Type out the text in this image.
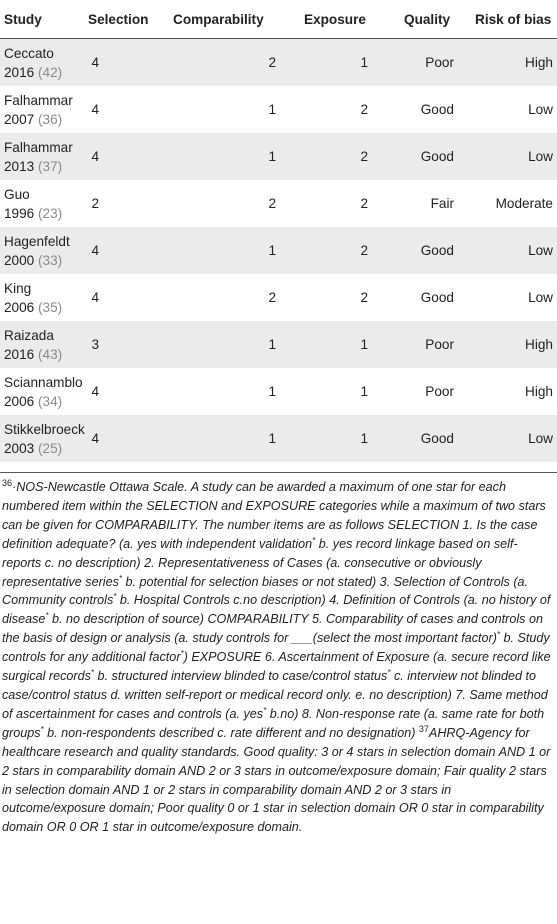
Study	Selection	Comparability	Exposure	Quality	Risk of bias
Ceccato
2016 (42)	4	2	1	Poor	High
Falhammar
2007 (36)	4	1	2	Good	Low
Falhammar
2013 (37)	4	1	2	Good	Low
Guo
1996 (23)	2	2	2	Fair	Moderate
Hagenfeldt
2000 (33)	4	1	2	Good	Low
King
2006 (35)	4	2	2	Good	Low
Raizada
2016 (43)	3	1	1	Poor	High
Sciannamblo
2006 (34)	4	1	1	Poor	High
Stikkelbroeck
2003 (25)	4	1	1	Good	Low
$^{36}$·NOS-Newcastle Ottawa Scale. A study can be awarded a maximum of one star for each numbered item within the SELECTION and EXPOSURE categories while a maximum of two stars can be given for COMPARABILITY. The number items are as follows SELECTION 1. Is the case definition adequate? (a. yes with independent validation* b. yes record linkage based on self-reports c. no description) 2. Representativeness of Cases (a. consecutive or obviously representative series* b. potential for selection biases or not stated) 3. Selection of Controls (a. Community controls* b. Hospital Controls c.no description) 4. Definition of Controls (a. no history of disease* b. no description of source) COMPARABILITY 5. Comparability of cases and controls on the basis of design or analysis (a. study controls for ___(select the most important factor)* b. Study controls for any additional factor*) EXPOSURE 6. Ascertainment of Exposure (a. secure record like surgical records* b. structured interview blinded to case/control status* c. interview not blinded to case/control status d. written self-report or medical record only. e. no description) 7. Same method of ascertainment for cases and controls (a. yes* b.no) 8. Non-response rate (a. same rate for both groups* b. non-respondents described c. rate different and no designation) $^{37}$AHRQ-Agency for healthcare research and quality standards. Good quality: 3 or 4 stars in selection domain AND 1 or 2 stars in comparability domain AND 2 or 3 stars in outcome/exposure domain; Fair quality 2 stars in selection domain AND 1 or 2 stars in comparability domain AND 2 or 3 stars in outcome/exposure domain; Poor quality 0 or 1 star in selection domain OR 0 star in comparability domain OR 0 OR 1 star in outcome/exposure domain.
